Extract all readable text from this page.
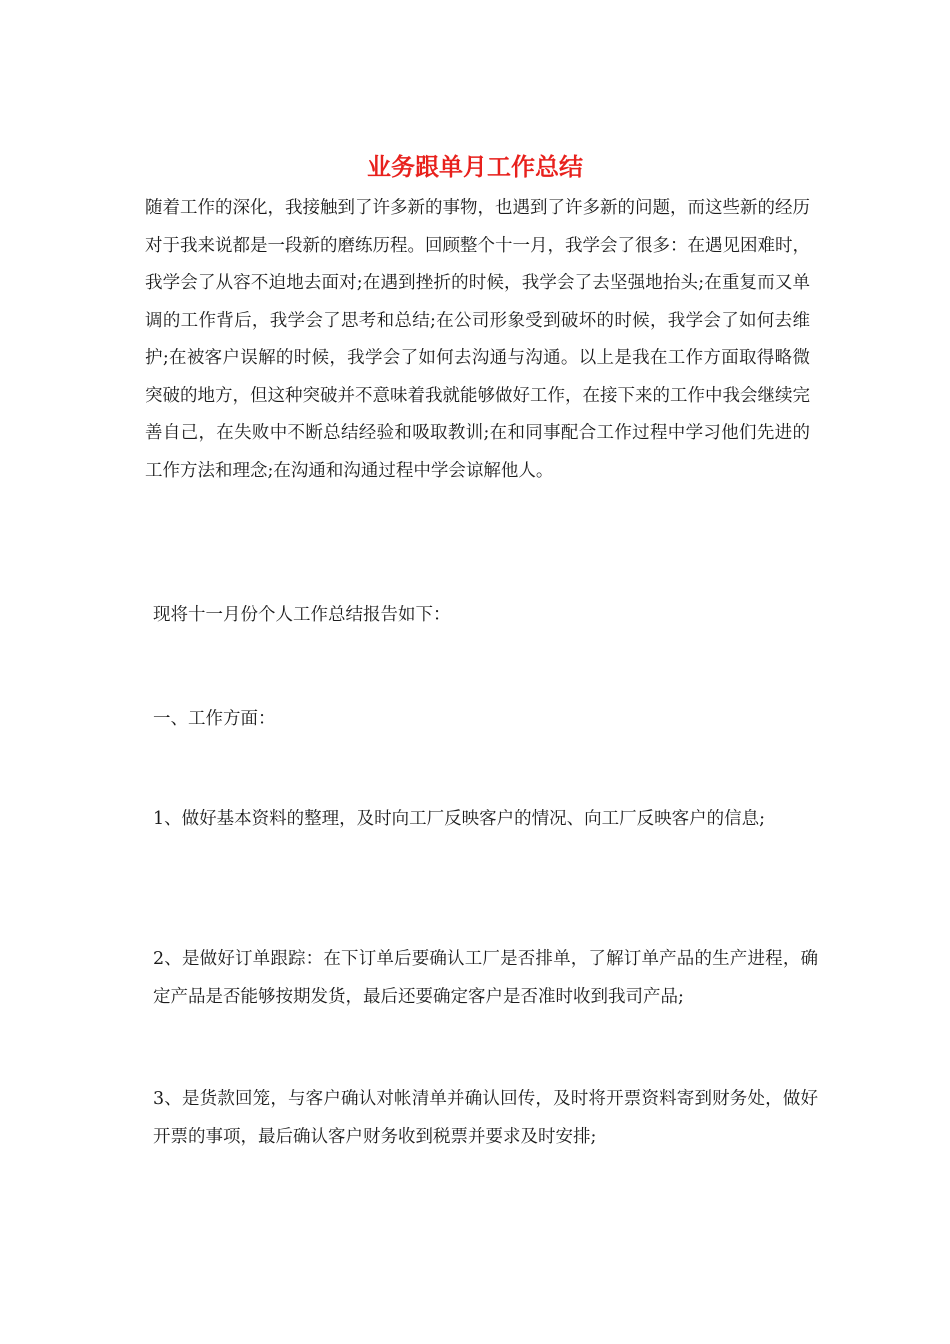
业务跟单月工作总结

随着工作的深化，我接触到了许多新的事物，也遇到了许多新的问题，而这些新的经历对于我来说都是一段新的磨练历程。回顾整个十一月，我学会了很多：在遇见困难时，我学会了从容不迫地去面对;在遇到挫折的时候，我学会了去坚强地抬头;在重复而又单调的工作背后，我学会了思考和总结;在公司形象受到破坏的时候，我学会了如何去维护;在被客户误解的时候，我学会了如何去沟通与沟通。以上是我在工作方面取得略微突破的地方，但这种突破并不意味着我就能够做好工作，在接下来的工作中我会继续完善自己，在失败中不断总结经验和吸取教训;在和同事配合工作过程中学习他们先进的工作方法和理念;在沟通和沟通过程中学会谅解他人。

现将十一月份个人工作总结报告如下：

一、工作方面：

1、做好基本资料的整理，及时向工厂反映客户的情况、向工厂反映客户的信息;

2、是做好订单跟踪：在下订单后要确认工厂是否排单，了解订单产品的生产进程，确定产品是否能够按期发货，最后还要确定客户是否准时收到我司产品;

3、是货款回笼，与客户确认对帐清单并确认回传，及时将开票资料寄到财务处，做好开票的事项，最后确认客户财务收到税票并要求及时安排;
